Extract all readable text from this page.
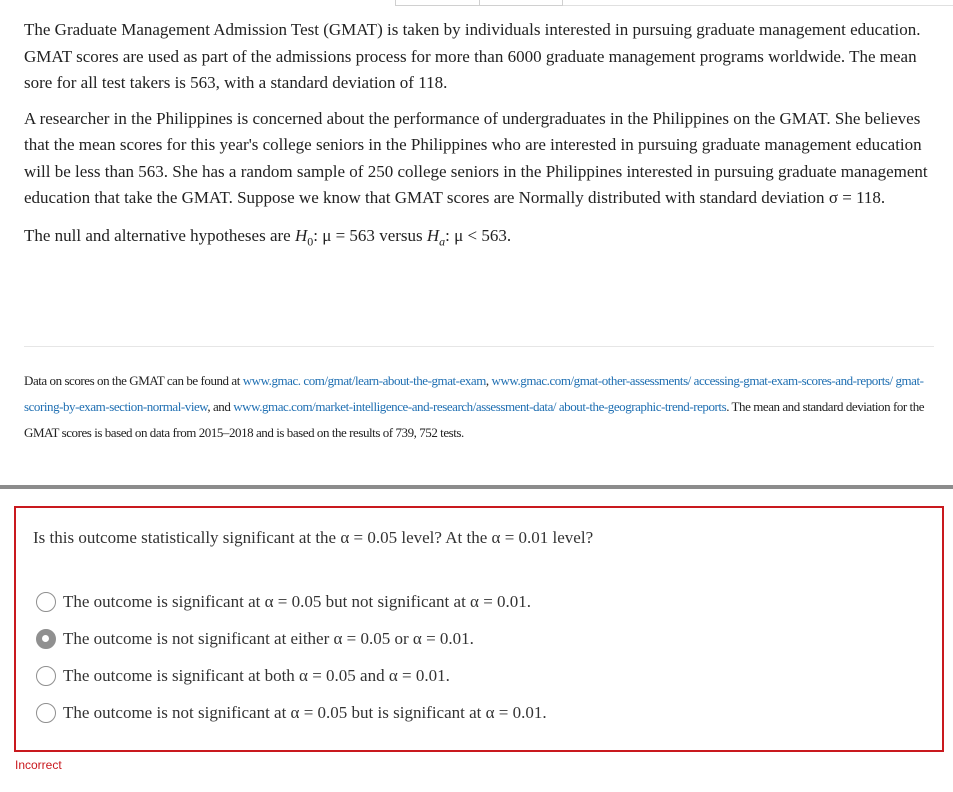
The Graduate Management Admission Test (GMAT) is taken by individuals interested in pursuing graduate management education. GMAT scores are used as part of the admissions process for more than 6000 graduate management programs worldwide. The mean sore for all test takers is 563, with a standard deviation of 118.

A researcher in the Philippines is concerned about the performance of undergraduates in the Philippines on the GMAT. She believes that the mean scores for this year's college seniors in the Philippines who are interested in pursuing graduate management education will be less than 563. She has a random sample of 250 college seniors in the Philippines interested in pursuing graduate management education that take the GMAT. Suppose we know that GMAT scores are Normally distributed with standard deviation σ = 118.

The null and alternative hypotheses are $H_0$: μ = 563 versus $H_a$: μ < 563.

Data on scores on the GMAT can be found at www.gmac. com/gmat/learn-about-the-gmat-exam, www.gmac.com/gmat-other-assessments/ accessing-gmat-exam-scores-and-reports/ gmat-scoring-by-exam-section-normal-view, and www.gmac.com/market-intelligence-and-research/assessment-data/ about-the-geographic-trend-reports. The mean and standard deviation for the GMAT scores is based on data from 2015–2018 and is based on the results of 739, 752 tests.
Is this outcome statistically significant at the α = 0.05 level? At the α = 0.01 level?
The outcome is significant at α = 0.05 but not significant at α = 0.01.
The outcome is not significant at either α = 0.05 or α = 0.01.
The outcome is significant at both α = 0.05 and α = 0.01.
The outcome is not significant at α = 0.05 but is significant at α = 0.01.
Incorrect
